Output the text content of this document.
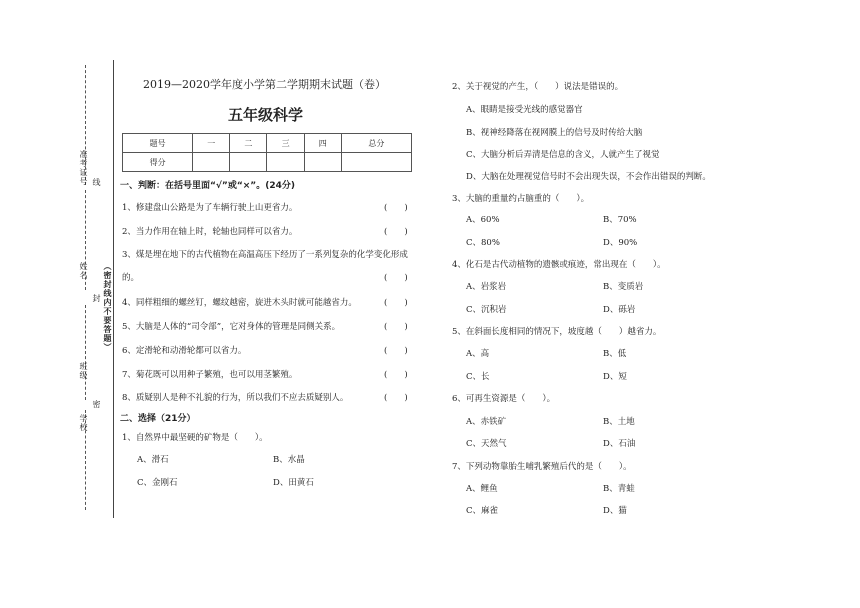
准考证号 线
姓名
封
班级
密
学校
（密封线内不要答题）
2019—2020学年度小学第二学期期末试题（卷）
五年级科学
题号	一	二	三	四	总分
得分					
一、判断：在括号里面“√”或“×”。(24分)
1、修建盘山公路是为了车辆行驶上山更省力。	(　　)
2、当力作用在轴上时，轮轴也同样可以省力。	(　　)
3、煤是埋在地下的古代植物在高温高压下经历了一系列复杂的化学变化形成
的。	(　　)
4、同样粗细的螺丝钉，螺纹越密，旋进木头时就可能越省力。	(　　)
5、大脑是人体的“司令部”，它对身体的管理是同侧关系。	(　　)
6、定滑轮和动滑轮都可以省力。	(　　)
7、菊花既可以用种子繁殖，也可以用茎繁殖。	(　　)
8、质疑别人是种不礼貌的行为，所以我们不应去质疑别人。	(　　)
二、选择（21分）
1、自然界中最坚硬的矿物是（　　）。
A、滑石	B、水晶
C、金刚石	D、田黄石
2、关于视觉的产生，（　　）说法是错误的。
A、眼睛是接受光线的感觉器官
B、视神经降落在视网膜上的信号及时传给大脑
C、大脑分析后弄清是信息的含义，人就产生了视觉
D、大脑在处理视觉信号时不会出现失误，不会作出错误的判断。
3、大脑的重量约占脑重的（　　）。
A、60%	B、70%
C、80%	D、90%
4、化石是古代动植物的遗骸或痕迹，常出现在（　　）。
A、岩浆岩	B、变质岩
C、沉积岩	D、砾岩
5、在斜面长度相同的情况下，坡度越（　　）越省力。
A、高	B、低
C、长	D、短
6、可再生资源是（　　）。
A、赤铁矿	B、土地
C、天然气	D、石油
7、下列动物靠胎生哺乳繁殖后代的是（　　）。
A、鲤鱼	B、青蛙
C、麻雀	D、猫
